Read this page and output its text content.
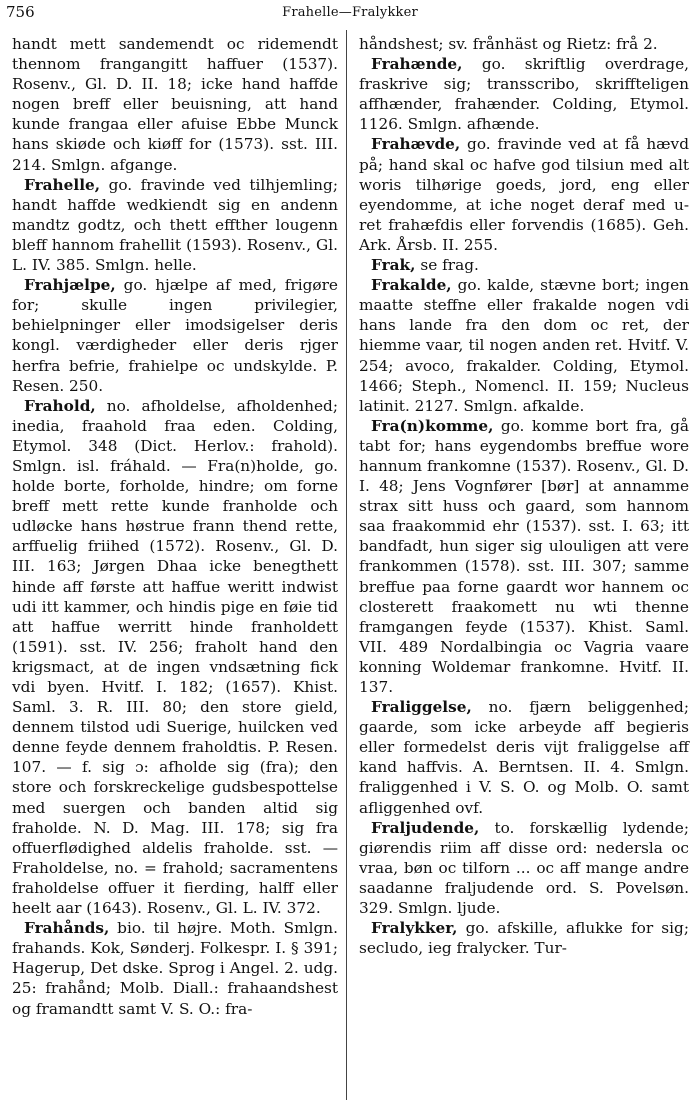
756	Frahelle—Fralykker

handt mett sandemendt oc ridemendt thennom frangangitt haffuer (1537). Rosenv., Gl. D. II. 18; icke hand haffde nogen breff eller beuisning, att hand kunde frangaa eller afuise Ebbe Munck hans skiøde och kiøff for (1573). sst. III. 214. Smlgn. afgange.

Frahelle, go. fravinde ved tilhjemling; handt haffde wedkiendt sig en andenn mandtz godtz, och thett effther lougenn bleff hannom frahellit (1593). Rosenv., Gl. L. IV. 385. Smlgn. helle.

Frahjælpe, go. hjælpe af med, frigøre for; skulle ingen privilegier, behielpninger eller imodsigelser deris kongl. værdigheder eller deris rjger herfra befrie, frahielpe oc undskylde. P. Resen. 250.

Frahold, no. afholdelse, afholdenhed; inedia, fraahold fraa eden. Colding, Etymol. 348 (Dict. Herlov.: frahold). Smlgn. isl. fráhald. — Fra(n)holde, go. holde borte, forholde, hindre; om forne breff mett rette kunde franholde och udløcke hans høstrue frann thend rette, arffuelig friihed (1572). Rosenv., Gl. D. III. 163; Jørgen Dhaa icke benegthett hinde aff første att haffue weritt indwist udi itt kammer, och hindis pige en føie tid att haffue werritt hinde franholdett (1591). sst. IV. 256; fraholt hand den krigsmact, at de ingen vndsætning fick vdi byen. Hvitf. I. 182; (1657). Khist. Saml. 3. R. III. 80; den store gield, dennem tilstod udi Suerige, huilcken ved denne feyde dennem fraholdtis. P. Resen. 107. — f. sig ɔ: afholde sig (fra); den store och forskreckelige gudsbespottelse med suergen och banden altid sig fraholde. N. D. Mag. III. 178; sig fra offuerflødighed aldelis fraholde. sst. — Fraholdelse, no. = frahold; sacramentens fraholdelse offuer it fierding, halff eller heelt aar (1643). Rosenv., Gl. L. IV. 372.

Frahånds, bio. til højre. Moth. Smlgn. frahands. Kok, Sønderj. Folkespr. I. § 391; Hagerup, Det dske. Sprog i Angel. 2. udg. 25: frahånd; Molb. Diall.: frahaandshest og framandtt samt V. S. O.: fra-

håndshest; sv. frånhäst og Rietz: frå 2.

Frahænde, go. skriftlig overdrage, fraskrive sig; transscribo, skriffteligen affhænder, frahænder. Colding, Etymol. 1126. Smlgn. afhænde.

Frahævde, go. fravinde ved at få hævd på; hand skal oc hafve god tilsiun med alt woris tilhørige goeds, jord, eng eller eyendomme, at iche noget deraf med u-ret frahæfdis eller forvendis (1685). Geh. Ark. Årsb. II. 255.

Frak, se frag.

Frakalde, go. kalde, stævne bort; ingen maatte steffne eller frakalde nogen vdi hans lande fra den dom oc ret, der hiemme vaar, til nogen anden ret. Hvitf. V. 254; avoco, frakalder. Colding, Etymol. 1466; Steph., Nomencl. II. 159; Nucleus latinit. 2127. Smlgn. afkalde.

Fra(n)komme, go. komme bort fra, gå tabt for; hans eygendombs breffue wore hannum frankomne (1537). Rosenv., Gl. D. I. 48; Jens Vognfører [bør] at annamme strax sitt huss och gaard, som hannom saa fraakommid ehr (1537). sst. I. 63; itt bandfadt, hun siger sig ulouligen att vere frankommen (1578). sst. III. 307; samme breffue paa forne gaardt wor hannem oc closterett fraakomett nu wti thenne framgangen feyde (1537). Khist. Saml. VII. 489 Nordalbingia oc Vagria vaare konning Woldemar frankomne. Hvitf. II. 137.

Fraliggelse, no. fjærn beliggenhed; gaarde, som icke arbeyde aff begieris eller formedelst deris vijt fraliggelse aff kand haffvis. A. Berntsen. II. 4. Smlgn. fraliggenhed i V. S. O. og Molb. O. samt afliggenhed ovf.

Fraljudende, to. forskællig lydende; giørendis riim aff disse ord: nedersla oc vraa, bøn oc tilforn ... oc aff mange andre saadanne fraljudende ord. S. Povelsøn. 329. Smlgn. ljude.

Fralykker, go. afskille, aflukke for sig; secludo, ieg fralycker. Tur-
